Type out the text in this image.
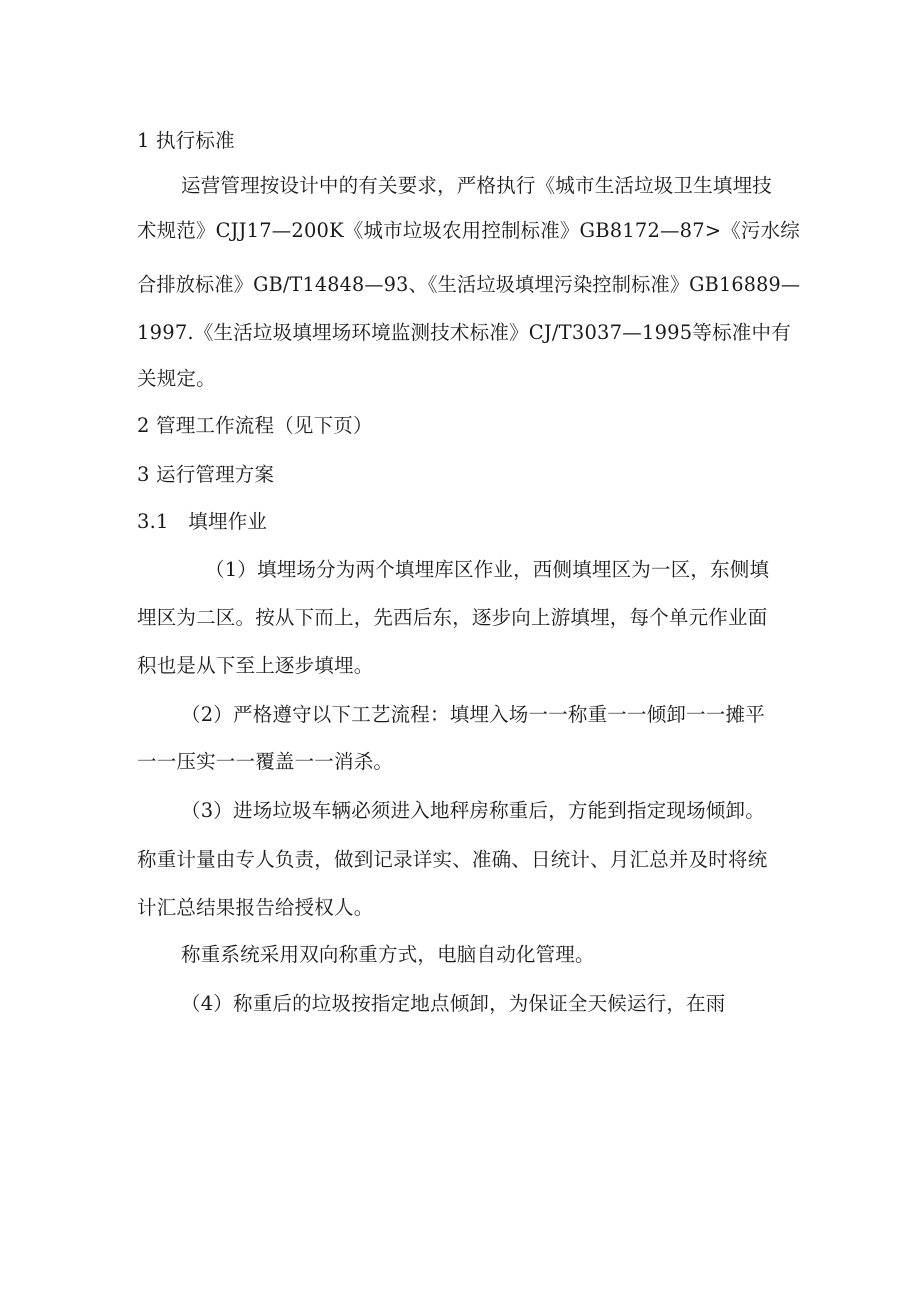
1 执行标准
运营管理按设计中的有关要求，严格执行《城市生活垃圾卫生填埋技
术规范》CJJ17—200K《城市垃圾农用控制标准》GB8172—87>《污水综
合排放标准》GB/T14848—93、《生活垃圾填埋污染控制标准》GB16889—
1997.《生活垃圾填埋场环境监测技术标准》CJ/T3037—1995等标准中有
关规定。
2 管理工作流程（见下页）
3 运行管理方案
3.1　填埋作业
（1）填埋场分为两个填埋库区作业，西侧填埋区为一区，东侧填
埋区为二区。按从下而上，先西后东，逐步向上游填埋，每个单元作业面
积也是从下至上逐步填埋。
（2）严格遵守以下工艺流程：填埋入场一一称重一一倾卸一一摊平
一一压实一一覆盖一一消杀。
（3）进场垃圾车辆必须进入地秤房称重后，方能到指定现场倾卸。
称重计量由专人负责，做到记录详实、准确、日统计、月汇总并及时将统
计汇总结果报告给授权人。
称重系统采用双向称重方式，电脑自动化管理。
（4）称重后的垃圾按指定地点倾卸，为保证全天候运行，在雨
